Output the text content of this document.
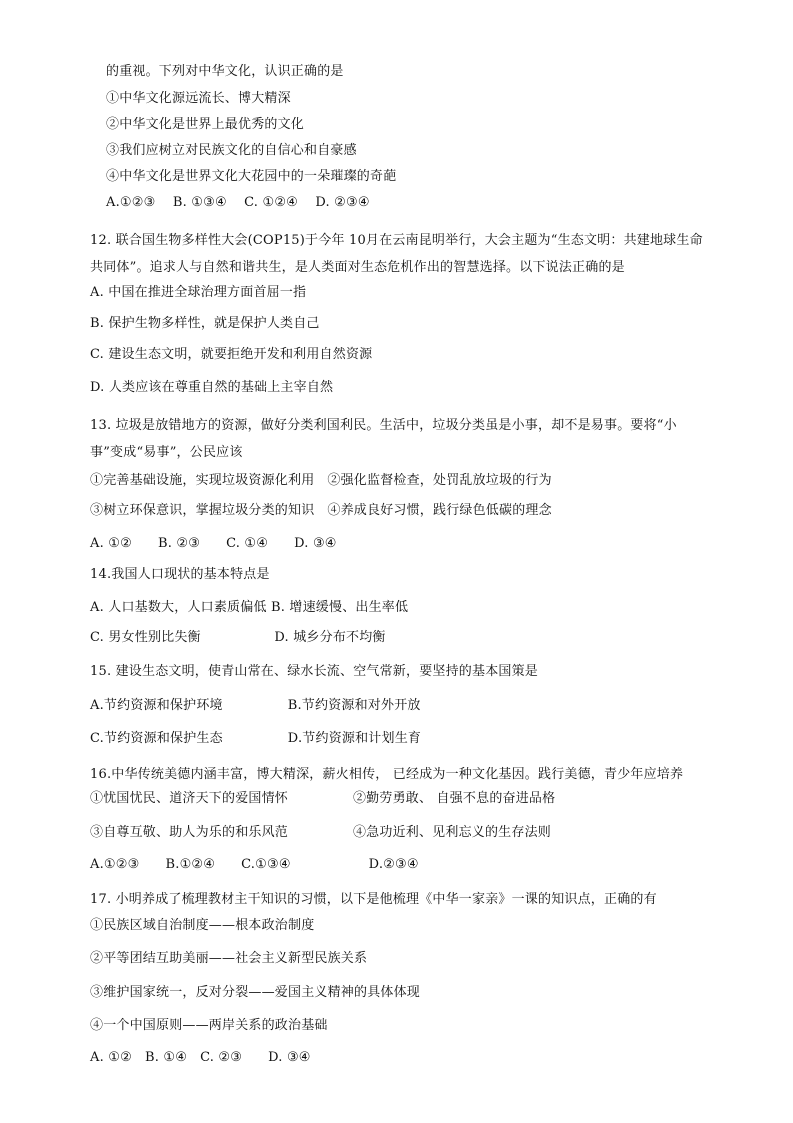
的重视。下列对中华文化，认识正确的是
①中华文化源远流长、博大精深
②中华文化是世界上最优秀的文化
③我们应树立对民族文化的自信心和自豪感
④中华文化是世界文化大花园中的一朵璀璨的奇葩
A.①②③    B. ①③④    C. ①②④    D. ②③④
12. 联合国生物多样性大会(COP15)于今年 10月在云南昆明举行，大会主题为“生态文明：共建地球生命
共同体”。追求人与自然和谐共生，是人类面对生态危机作出的智慧选择。以下说法正确的是
A. 中国在推进全球治理方面首屈一指
B. 保护生物多样性，就是保护人类自己
C. 建设生态文明，就要拒绝开发和利用自然资源
D. 人类应该在尊重自然的基础上主宰自然
13. 垃圾是放错地方的资源，做好分类利国利民。生活中，垃圾分类虽是小事，却不是易事。要将“小
事”变成“易事”，公民应该
①完善基础设施，实现垃圾资源化利用   ②强化监督检查，处罚乱放垃圾的行为
③树立环保意识，掌握垃圾分类的知识   ④养成良好习惯，践行绿色低碳的理念
A. ①②      B. ②③      C. ①④      D. ③④
14.我国人口现状的基本特点是
A. 人口基数大，人口素质偏低 B. 增速缓慢、出生率低
C. 男女性别比失衡                 D. 城乡分布不均衡
15. 建设生态文明，使青山常在、绿水长流、空气常新，要坚持的基本国策是
A.节约资源和保护环境               B.节约资源和对外开放
C.节约资源和保护生态               D.节约资源和计划生育
16.中华传统美德内涵丰富，博大精深，薪火相传， 已经成为一种文化基因。践行美德，青少年应培养
①忧国忧民、道济天下的爱国情怀               ②勤劳勇敢、 自强不息的奋进品格
③自尊互敬、助人为乐的和乐风范               ④急功近利、见利忘义的生存法则
A.①②③      B.①②④      C.①③④                  D.②③④
17. 小明养成了梳理教材主干知识的习惯，以下是他梳理《中华一家亲》一课的知识点，正确的有
①民族区域自治制度——根本政治制度
②平等团结互助美丽——社会主义新型民族关系
③维护国家统一，反对分裂——爱国主义精神的具体体现
④一个中国原则——两岸关系的政治基础
A. ①②   B. ①④   C. ②③      D. ③④
